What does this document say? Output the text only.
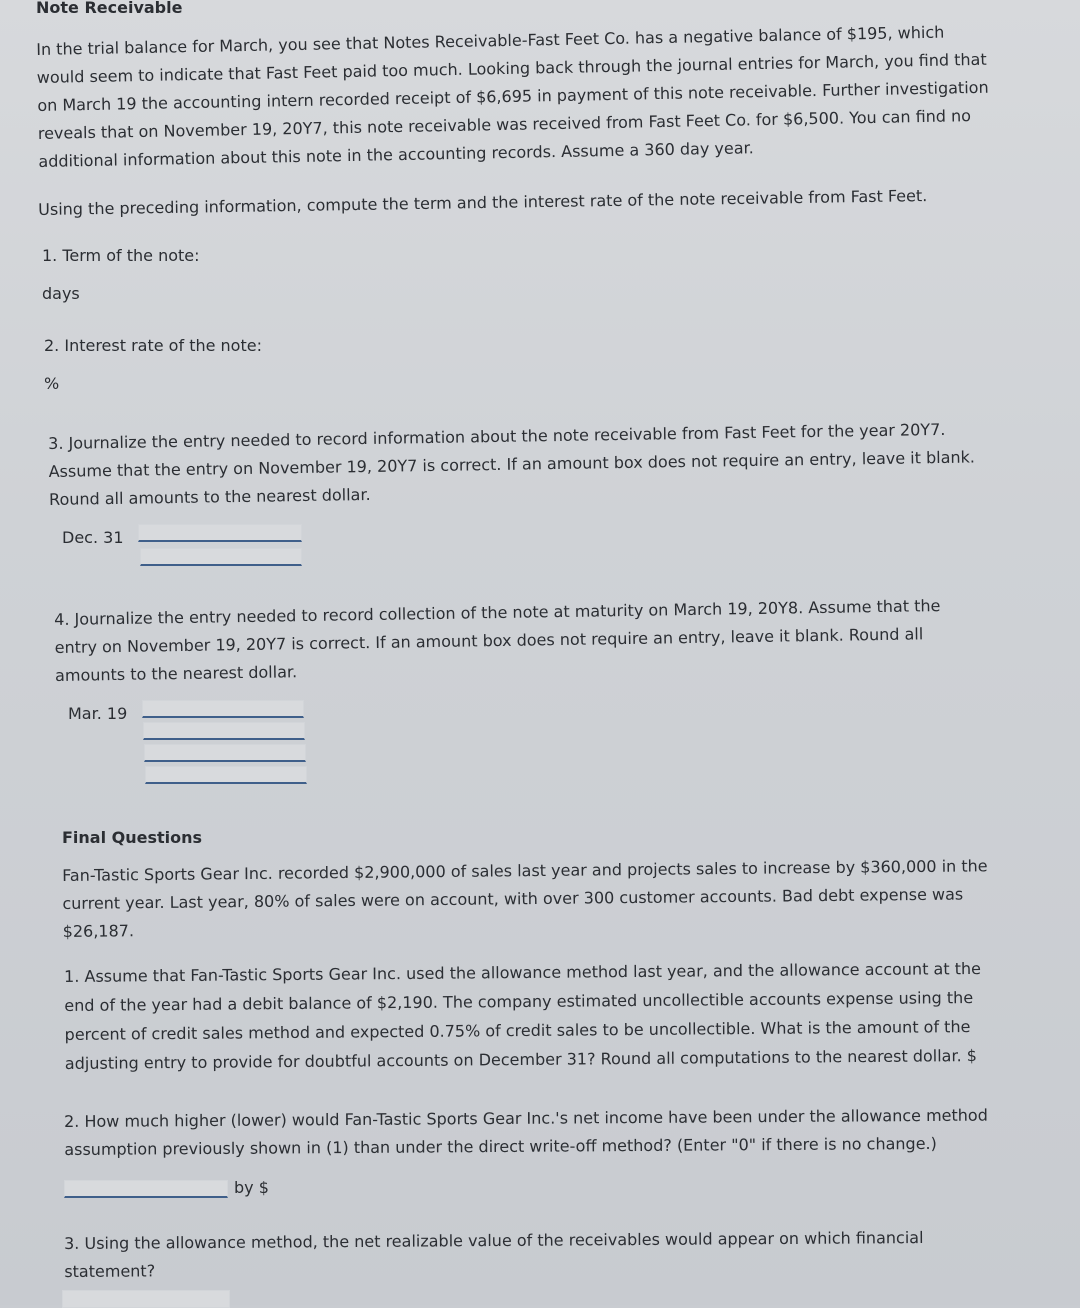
Note Receivable
In the trial balance for March, you see that Notes Receivable-Fast Feet Co. has a negative balance of $195, which would seem to indicate that Fast Feet paid too much. Looking back through the journal entries for March, you find that on March 19 the accounting intern recorded receipt of $6,695 in payment of this note receivable. Further investigation reveals that on November 19, 20Y7, this note receivable was received from Fast Feet Co. for $6,500. You can find no additional information about this note in the accounting records. Assume a 360 day year.
Using the preceding information, compute the term and the interest rate of the note receivable from Fast Feet.
1. Term of the note:
days
2. Interest rate of the note:
%
3. Journalize the entry needed to record information about the note receivable from Fast Feet for the year 20Y7. Assume that the entry on November 19, 20Y7 is correct. If an amount box does not require an entry, leave it blank. Round all amounts to the nearest dollar.
Dec. 31
4. Journalize the entry needed to record collection of the note at maturity on March 19, 20Y8. Assume that the entry on November 19, 20Y7 is correct. If an amount box does not require an entry, leave it blank. Round all amounts to the nearest dollar.
Mar. 19
Final Questions
Fan-Tastic Sports Gear Inc. recorded $2,900,000 of sales last year and projects sales to increase by $360,000 in the current year. Last year, 80% of sales were on account, with over 300 customer accounts. Bad debt expense was $26,187.
1. Assume that Fan-Tastic Sports Gear Inc. used the allowance method last year, and the allowance account at the end of the year had a debit balance of $2,190. The company estimated uncollectible accounts expense using the percent of credit sales method and expected 0.75% of credit sales to be uncollectible. What is the amount of the adjusting entry to provide for doubtful accounts on December 31? Round all computations to the nearest dollar. $
2. How much higher (lower) would Fan-Tastic Sports Gear Inc.'s net income have been under the allowance method assumption previously shown in (1) than under the direct write-off method? (Enter "0" if there is no change.)
by $
3. Using the allowance method, the net realizable value of the receivables would appear on which financial statement?
